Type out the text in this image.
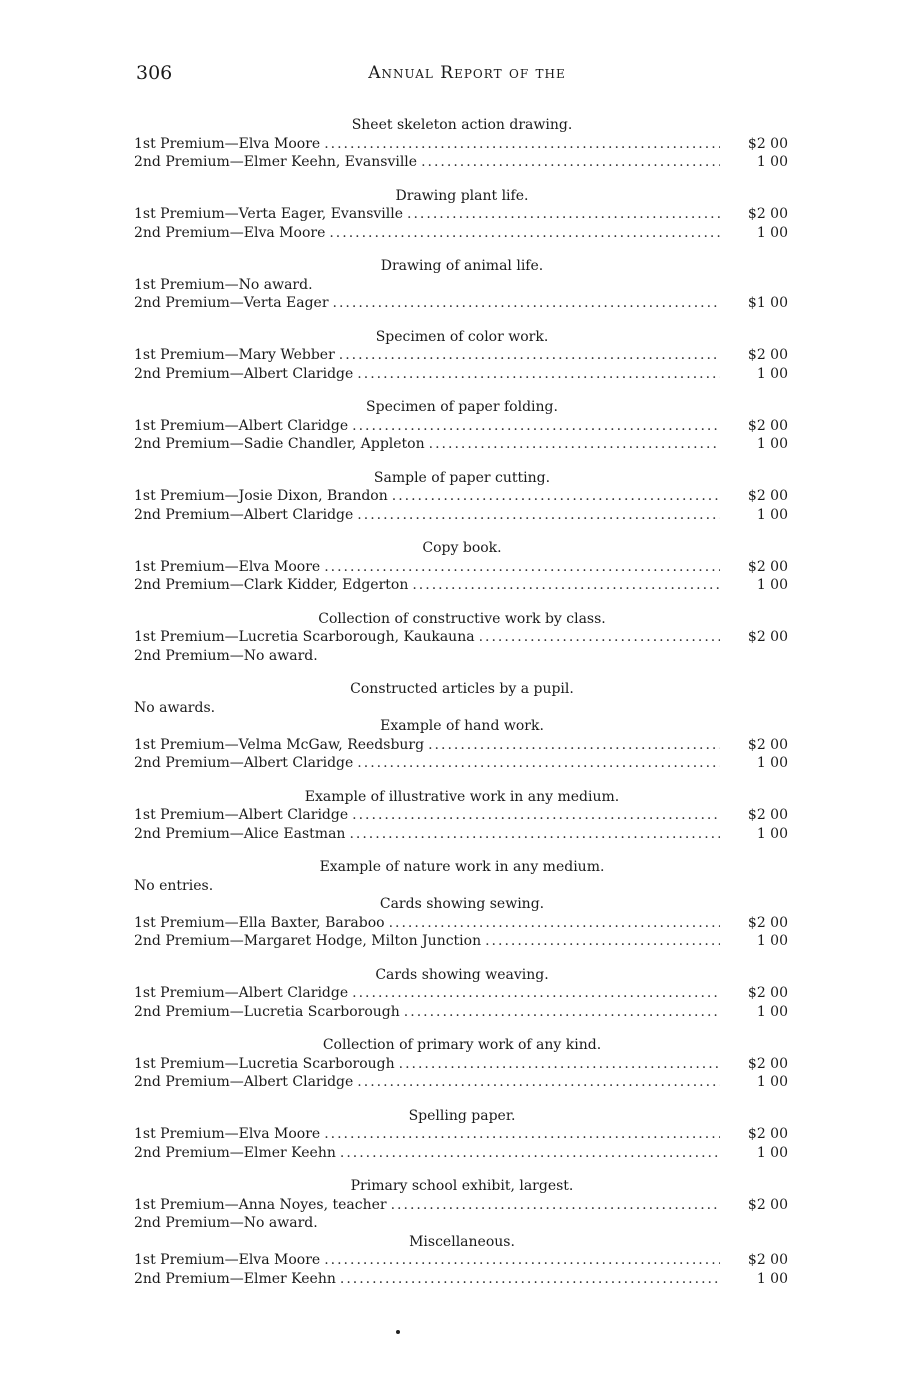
306	Annual Report of the
Sheet skeleton action drawing.
1st Premium—Elva Moore .....	$2 00
2nd Premium—Elmer Keehn, Evansville .....	1 00
Drawing plant life.
1st Premium—Verta Eager, Evansville .....	$2 00
2nd Premium—Elva Moore .....	1 00
Drawing of animal life.
1st Premium—No award.
2nd Premium—Verta Eager .....	$1 00
Specimen of color work.
1st Premium—Mary Webber .....	$2 00
2nd Premium—Albert Claridge .....	1 00
Specimen of paper folding.
1st Premium—Albert Claridge .....	$2 00
2nd Premium—Sadie Chandler, Appleton .....	1 00
Sample of paper cutting.
1st Premium—Josie Dixon, Brandon .....	$2 00
2nd Premium—Albert Claridge .....	1 00
Copy book.
1st Premium—Elva Moore .....	$2 00
2nd Premium—Clark Kidder, Edgerton .....	1 00
Collection of constructive work by class.
1st Premium—Lucretia Scarborough, Kaukauna .....	$2 00
2nd Premium—No award.
Constructed articles by a pupil.
No awards.
Example of hand work.
1st Premium—Velma McGaw, Reedsburg .....	$2 00
2nd Premium—Albert Claridge .....	1 00
Example of illustrative work in any medium.
1st Premium—Albert Claridge .....	$2 00
2nd Premium—Alice Eastman .....	1 00
Example of nature work in any medium.
No entries.
Cards showing sewing.
1st Premium—Ella Baxter, Baraboo .....	$2 00
2nd Premium—Margaret Hodge, Milton Junction .....	1 00
Cards showing weaving.
1st Premium—Albert Claridge .....	$2 00
2nd Premium—Lucretia Scarborough .....	1 00
Collection of primary work of any kind.
1st Premium—Lucretia Scarborough .....	$2 00
2nd Premium—Albert Claridge .....	1 00
Spelling paper.
1st Premium—Elva Moore .....	$2 00
2nd Premium—Elmer Keehn .....	1 00
Primary school exhibit, largest.
1st Premium—Anna Noyes, teacher .....	$2 00
2nd Premium—No award.
Miscellaneous.
1st Premium—Elva Moore .....	$2 00
2nd Premium—Elmer Keehn .....	1 00
